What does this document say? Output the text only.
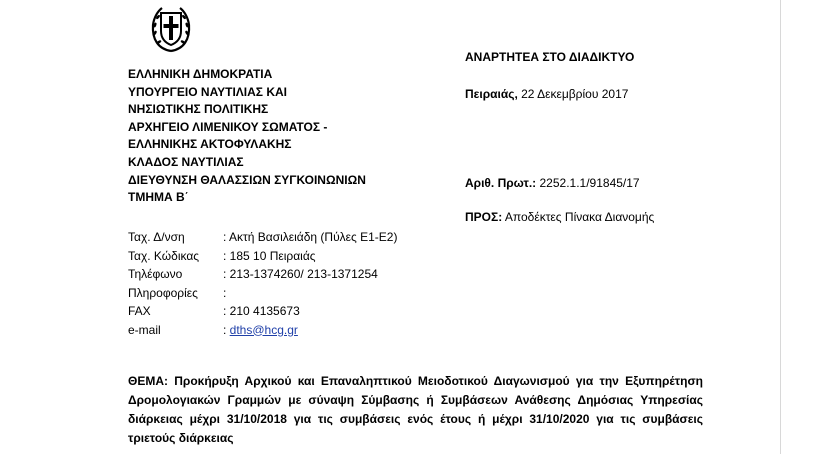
ΕΛΛΗΝΙΚΗ ΔΗΜΟΚΡΑΤΙΑ
ΥΠΟΥΡΓΕΙΟ ΝΑΥΤΙΛΙΑΣ ΚΑΙ
ΝΗΣΙΩΤΙΚΗΣ ΠΟΛΙΤΙΚΗΣ
ΑΡΧΗΓΕΙΟ ΛΙΜΕΝΙΚΟΥ ΣΩΜΑΤΟΣ -
ΕΛΛΗΝΙΚΗΣ ΑΚΤΟΦΥΛΑΚΗΣ
ΚΛΑΔΟΣ ΝΑΥΤΙΛΙΑΣ
ΔΙΕΥΘΥΝΣΗ ΘΑΛΑΣΣΙΩΝ ΣΥΓΚΟΙΝΩΝΙΩΝ
ΤΜΗΜΑ Β΄
ΑΝΑΡΤΗΤΕΑ ΣΤΟ ΔΙΑΔΙΚΤΥΟ
Πειραιάς, 22 Δεκεμβρίου 2017
Αριθ. Πρωτ.: 2252.1.1/91845/17
ΠΡΟΣ: Αποδέκτες Πίνακα Διανομής
Ταχ. Δ/νση	: Ακτή Βασιλειάδη (Πύλες Ε1-Ε2)
Ταχ. Κώδικας	: 185 10 Πειραιάς
Τηλέφωνο	: 213-1374260/ 213-1371254
Πληροφορίες	:
FAX	: 210 4135673
e-mail	: dths@hcg.gr
ΘΕΜΑ: Προκήρυξη Αρχικού και Επαναληπτικού Μειοδοτικού Διαγωνισμού για την Εξυπηρέτηση Δρομολογιακών Γραμμών με σύναψη Σύμβασης ή Συμβάσεων Ανάθεσης Δημόσιας Υπηρεσίας διάρκειας μέχρι 31/10/2018 για τις συμβάσεις ενός έτους ή μέχρι 31/10/2020 για τις συμβάσεις τριετούς διάρκειας
